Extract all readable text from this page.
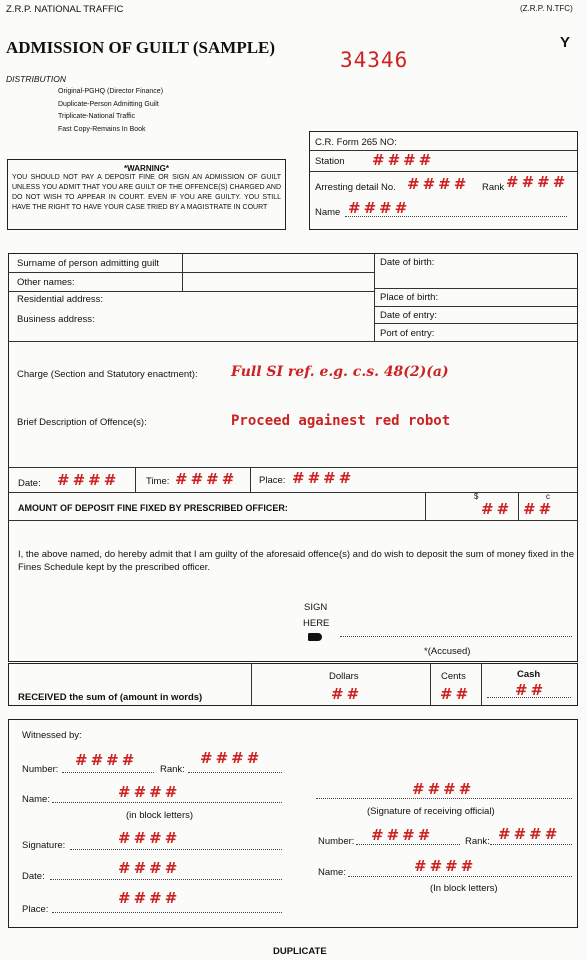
Z.R.P. NATIONAL TRAFFIC	(Z.R.P. N.TFC)
ADMISSION OF GUILT (SAMPLE)
34346
Y
DISTRIBUTION
Original-PGHQ (Director Finance)
Duplicate-Person Admitting Guilt
Triplicate-National Traffic
Fast Copy-Remains In Book
*WARNING*
YOU SHOULD NOT PAY A DEPOSIT FINE OR SIGN AN ADMISSION OF GUILT UNLESS YOU ADMIT THAT YOU ARE GUILT OF THE OFFENCE(S) CHARGED AND DO NOT WISH TO APPEAR IN COURT. EVEN IF YOU ARE GUILTY. YOU STILL HAVE THE RIGHT TO HAVE YOUR CASE TRIED BY A MAGISTRATE IN COURT
C.R. Form 265 NO:
Station ####
Arresting detail No. #### Rank ####
Name ####
Surname of person admitting guilt
Other names:
Residential address:
Business address:
Date of birth:
Place of birth:
Date of entry:
Port of entry:
Charge (Section and Statutory enactment): Full SI ref. e.g. c.s. 48(2)(a)
Brief Description of Offence(s):	Proceed againest red robot
Date: ####	Time: #### Place: ####
AMOUNT OF DEPOSIT FINE FIXED BY PRESCRIBED OFFICER:
$
##
c
##
I, the above named, do hereby admit that I am guilty of the aforesaid offence(s) and do wish to deposit the sum of money fixed in the Fines Schedule kept by the prescribed officer.
SIGN
HERE
*(Accused)
RECEIVED the sum of (amount in words)
Dollars
##
Cents
##
Cash
##
Witnessed by:
Number:
####
Rank:
####
Name:	####
(in block letters)
Signature:	####
Date:	####
Place:
####
####
(Signature of receiving official)
Number: ####	Rank: ####
Name:	####
(In block letters)
DUPLICATE
